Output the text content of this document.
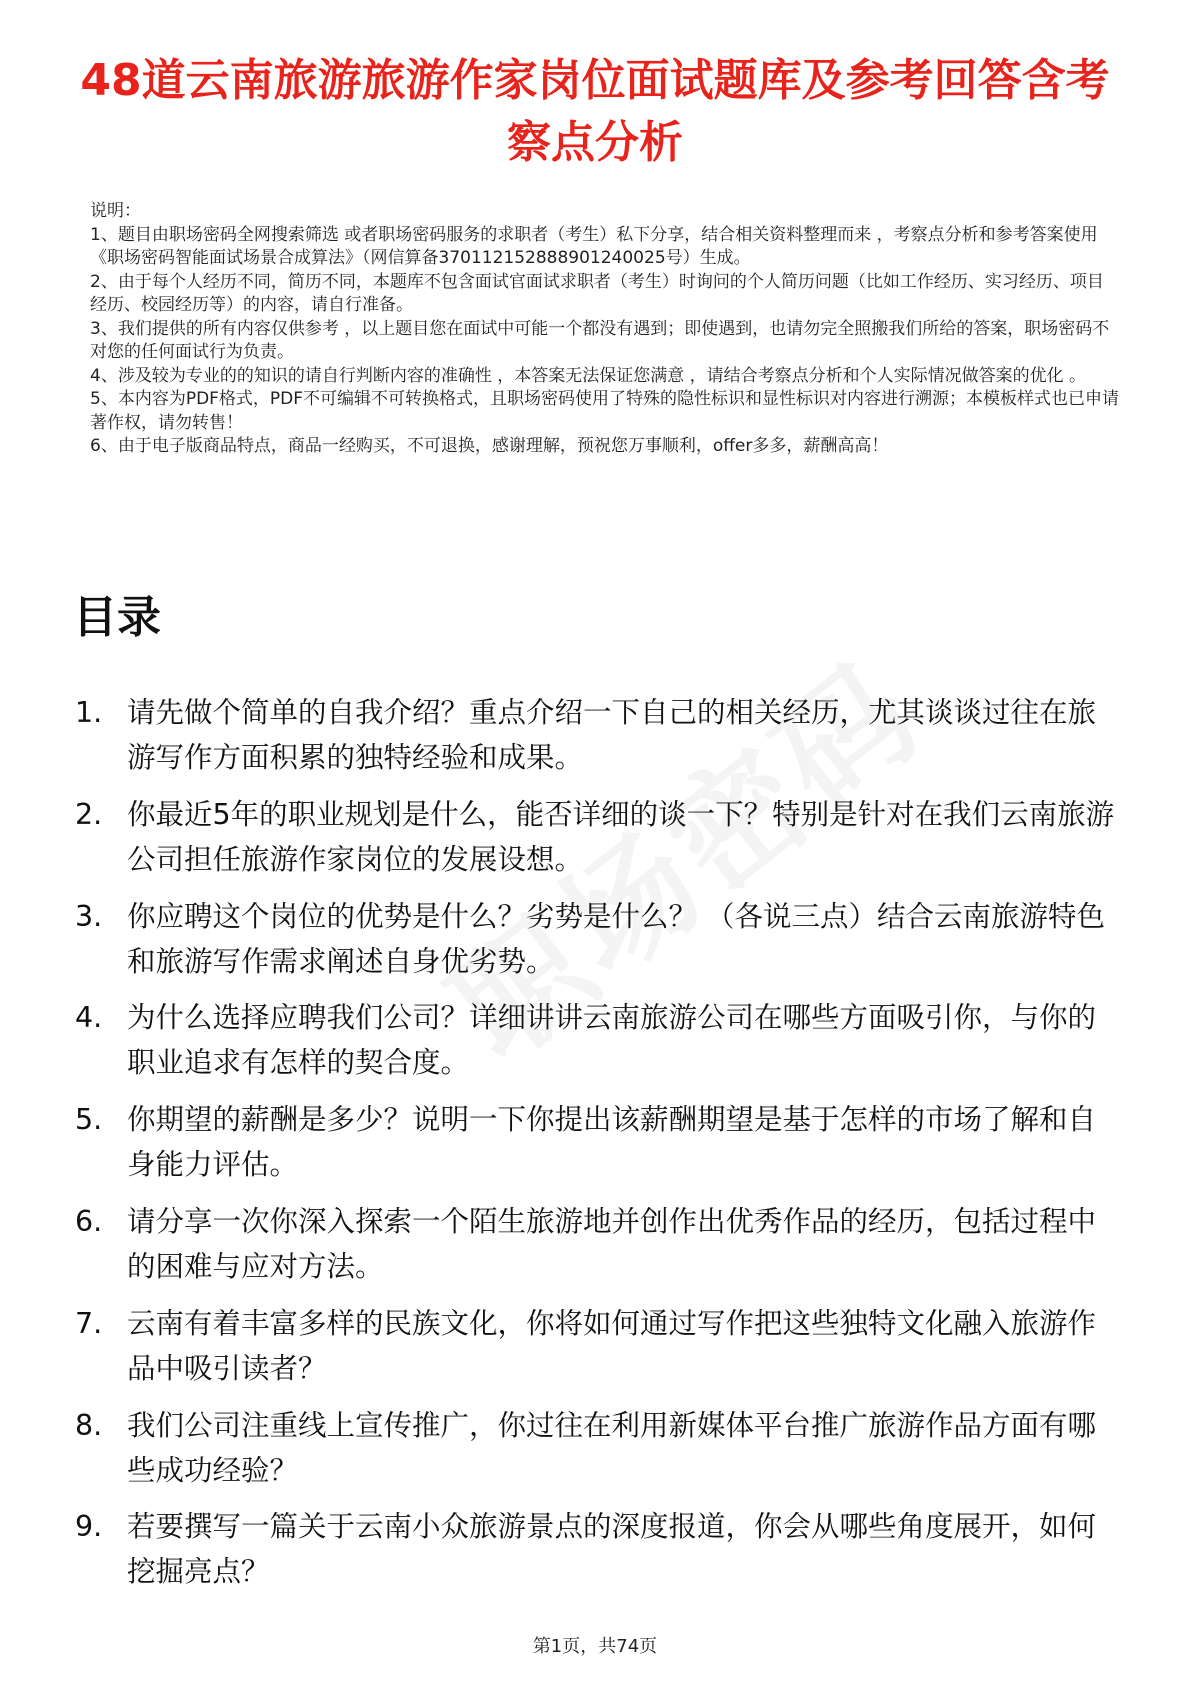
48道云南旅游旅游作家岗位面试题库及参考回答含考察点分析
说明：
1、题目由职场密码全网搜索筛选 或者职场密码服务的求职者（考生）私下分享，结合相关资料整理而来 ，考察点分析和参考答案使用《职场密码智能面试场景合成算法》（网信算备370112152888901240025号）生成。
2、由于每个人经历不同，简历不同，本题库不包含面试官面试求职者（考生）时询问的个人简历问题（比如工作经历、实习经历、项目经历、校园经历等）的内容，请自行准备。
3、我们提供的所有内容仅供参考 ，以上题目您在面试中可能一个都没有遇到；即使遇到，也请勿完全照搬我们所给的答案，职场密码不对您的任何面试行为负责。
4、涉及较为专业的的知识的请自行判断内容的准确性 ，本答案无法保证您满意 ，请结合考察点分析和个人实际情况做答案的优化 。
5、本内容为PDF格式，PDF不可编辑不可转换格式，且职场密码使用了特殊的隐性标识和显性标识对内容进行溯源；本模板样式也已申请著作权，请勿转售！
6、由于电子版商品特点，商品一经购买，不可退换，感谢理解，预祝您万事顺利，offer多多，薪酬高高！
目录
1. 请先做个简单的自我介绍？重点介绍一下自己的相关经历，尤其谈谈过往在旅游写作方面积累的独特经验和成果。
2. 你最近5年的职业规划是什么，能否详细的谈一下？特别是针对在我们云南旅游公司担任旅游作家岗位的发展设想。
3. 你应聘这个岗位的优势是什么？劣势是什么？ （各说三点）结合云南旅游特色和旅游写作需求阐述自身优劣势。
4. 为什么选择应聘我们公司？详细讲讲云南旅游公司在哪些方面吸引你，与你的职业追求有怎样的契合度。
5. 你期望的薪酬是多少？说明一下你提出该薪酬期望是基于怎样的市场了解和自身能力评估。
6. 请分享一次你深入探索一个陌生旅游地并创作出优秀作品的经历，包括过程中的困难与应对方法。
7. 云南有着丰富多样的民族文化，你将如何通过写作把这些独特文化融入旅游作品中吸引读者？
8. 我们公司注重线上宣传推广，你过往在利用新媒体平台推广旅游作品方面有哪些成功经验？
9. 若要撰写一篇关于云南小众旅游景点的深度报道，你会从哪些角度展开，如何挖掘亮点？
第1页，共74页
